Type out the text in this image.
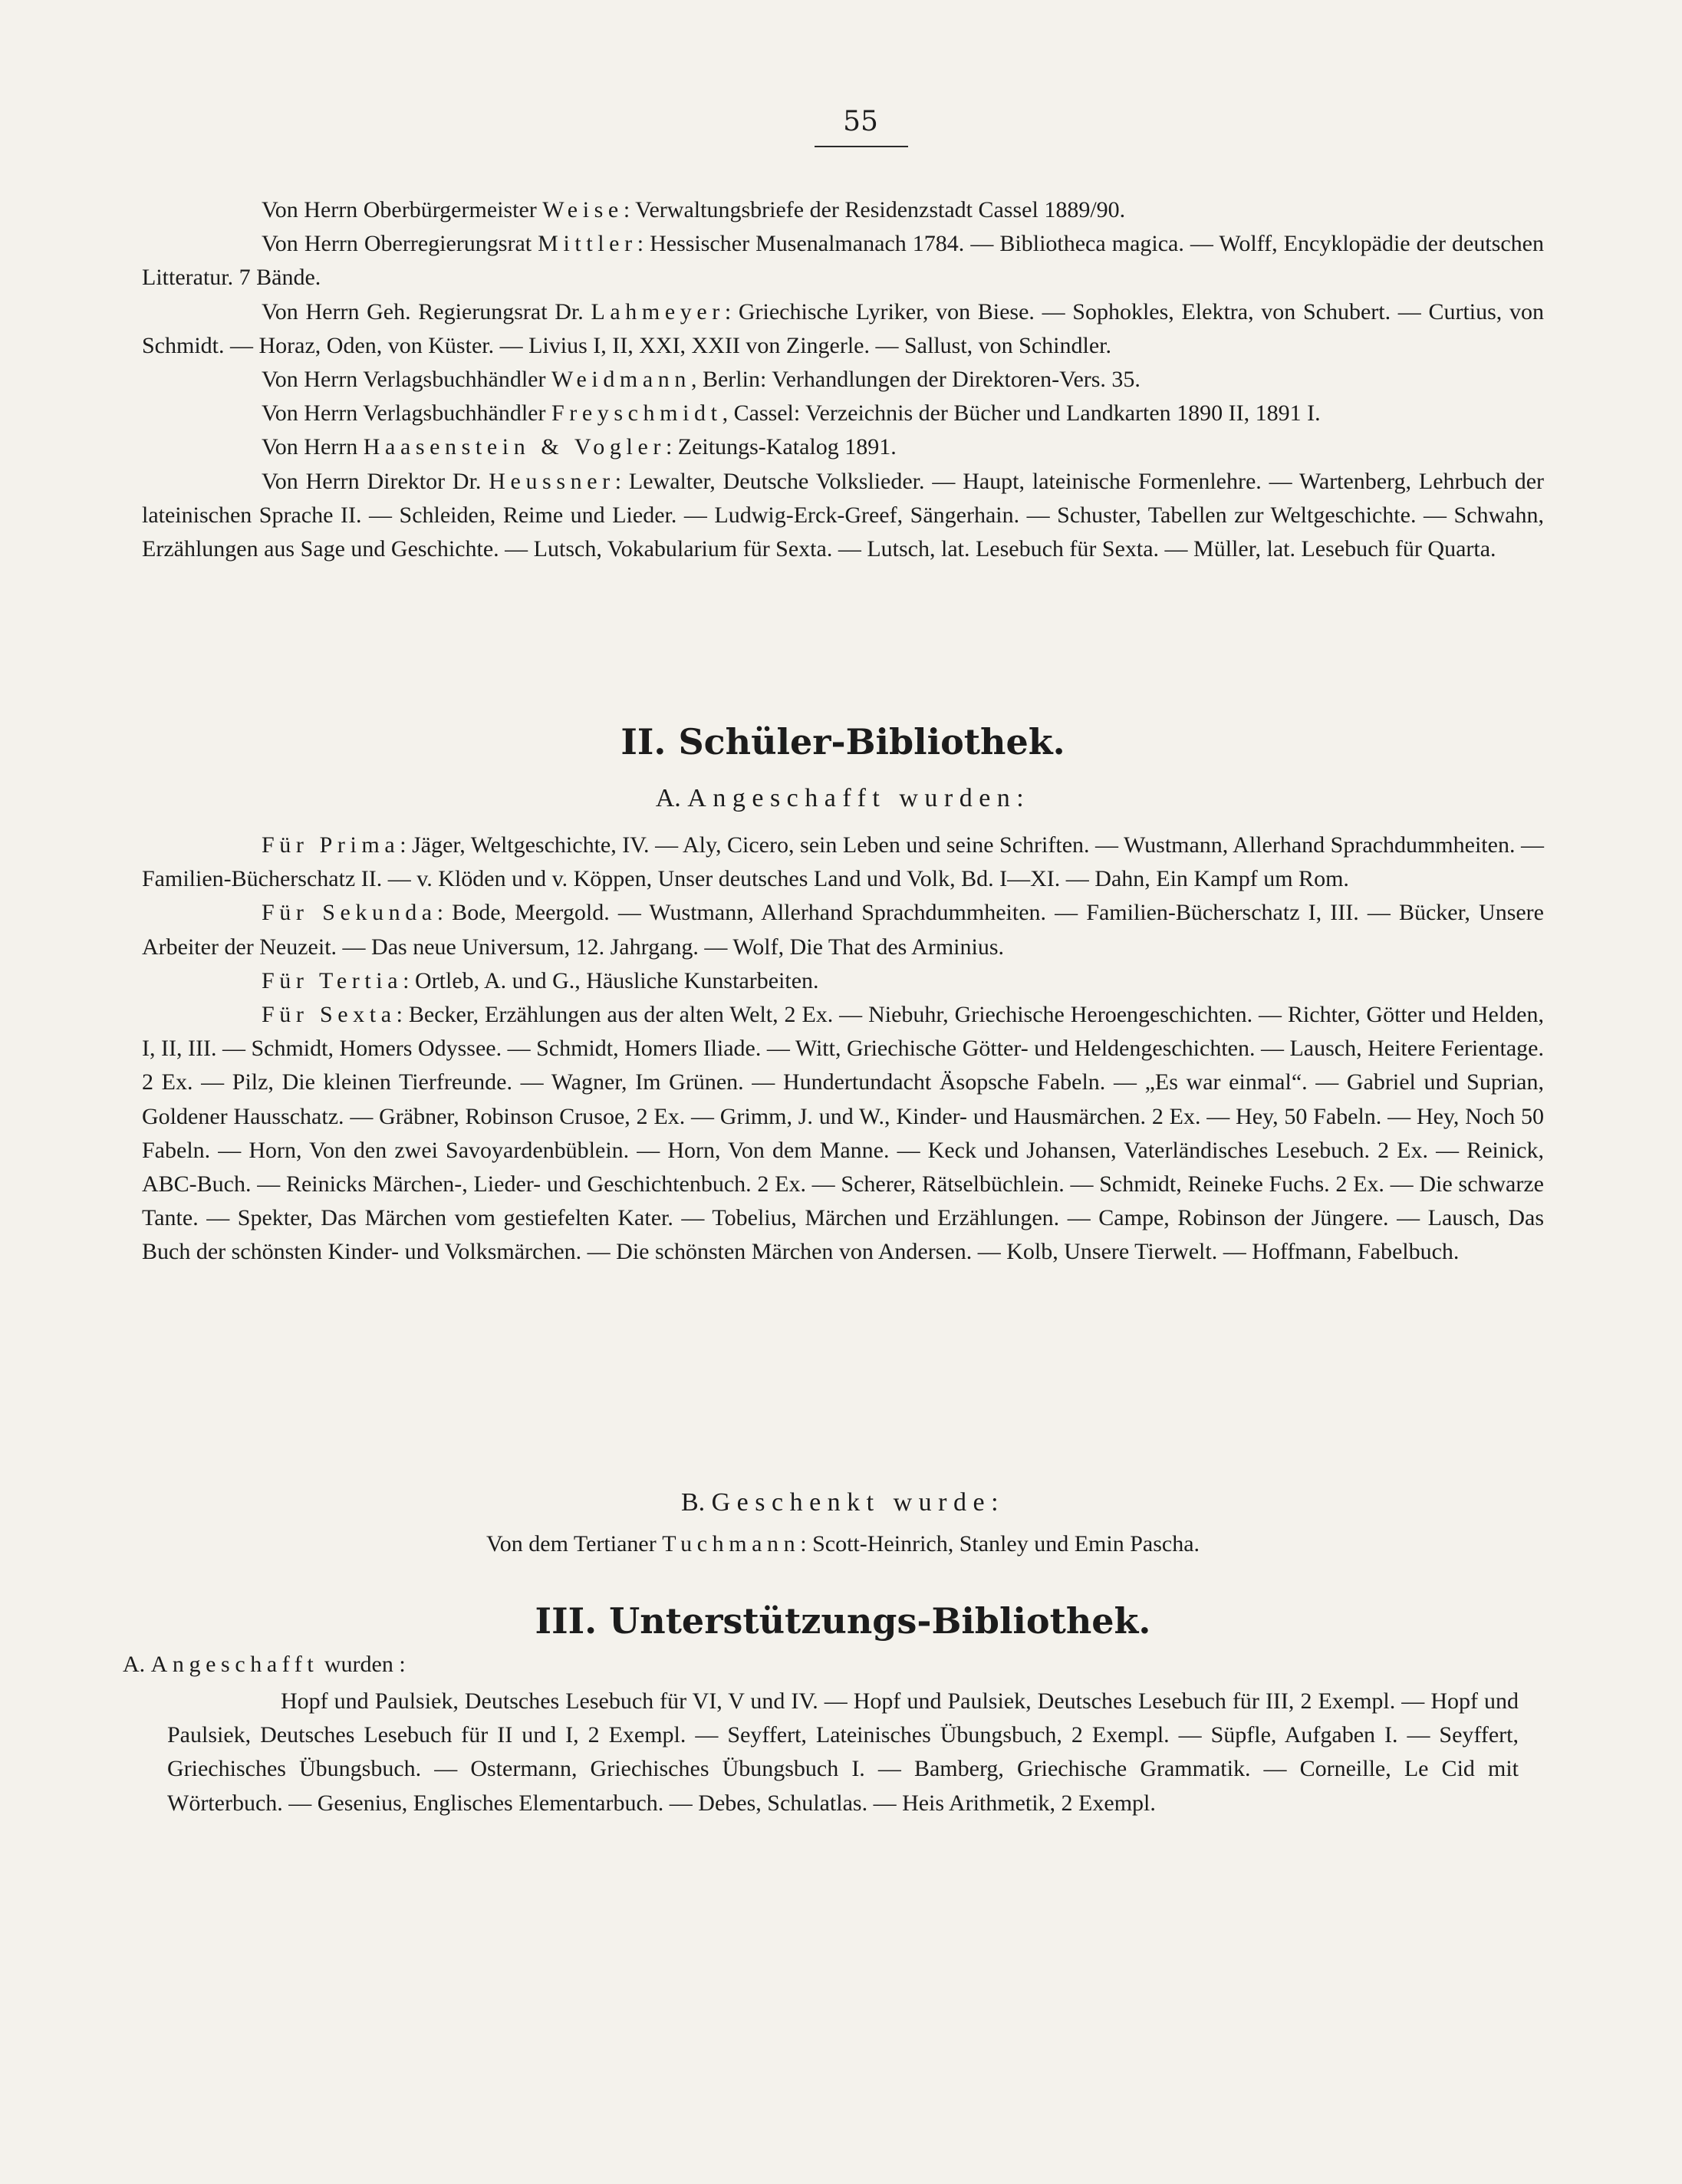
55

Von Herrn Oberbürgermeister Weise: Verwaltungsbriefe der Residenzstadt Cassel 1889/90.

Von Herrn Oberregierungsrat Mittler: Hessischer Musenalmanach 1784. — Bibliotheca magica. — Wolff, Encyklopädie der deutschen Litteratur. 7 Bände.

Von Herrn Geh. Regierungsrat Dr. Lahmeyer: Griechische Lyriker, von Biese. — Sophokles, Elektra, von Schubert. — Curtius, von Schmidt. — Horaz, Oden, von Küster. — Livius I, II, XXI, XXII von Zingerle. — Sallust, von Schindler.

Von Herrn Verlagsbuchhändler Weidmann, Berlin: Verhandlungen der Direktoren-Vers. 35.

Von Herrn Verlagsbuchhändler Freyschmidt, Cassel: Verzeichnis der Bücher und Landkarten 1890 II, 1891 I.

Von Herrn Haasenstein & Vogler: Zeitungs-Katalog 1891.

Von Herrn Direktor Dr. Heussner: Lewalter, Deutsche Volkslieder. — Haupt, lateinische Formenlehre. — Wartenberg, Lehrbuch der lateinischen Sprache II. — Schleiden, Reime und Lieder. — Ludwig-Erck-Greef, Sängerhain. — Schuster, Tabellen zur Weltgeschichte. — Schwahn, Erzählungen aus Sage und Geschichte. — Lutsch, Vokabularium für Sexta. — Lutsch, lat. Lesebuch für Sexta. — Müller, lat. Lesebuch für Quarta.

II. Schüler-Bibliothek.
A. Angeschafft wurden:

Für Prima: Jäger, Weltgeschichte, IV. — Aly, Cicero, sein Leben und seine Schriften. — Wustmann, Allerhand Sprachdummheiten. — Familien-Bücherschatz II. — v. Klöden und v. Köppen, Unser deutsches Land und Volk, Bd. I—XI. — Dahn, Ein Kampf um Rom.

Für Sekunda: Bode, Meergold. — Wustmann, Allerhand Sprachdummheiten. — Familien-Bücherschatz I, III. — Bücker, Unsere Arbeiter der Neuzeit. — Das neue Universum, 12. Jahrgang. — Wolf, Die That des Arminius.

Für Tertia: Ortleb, A. und G., Häusliche Kunstarbeiten.

Für Sexta: Becker, Erzählungen aus der alten Welt, 2 Ex. — Niebuhr, Griechische Heroengeschichten. — Richter, Götter und Helden, I, II, III. — Schmidt, Homers Odyssee. — Schmidt, Homers Iliade. — Witt, Griechische Götter- und Heldengeschichten. — Lausch, Heitere Ferientage. 2 Ex. — Pilz, Die kleinen Tierfreunde. — Wagner, Im Grünen. — Hundertundacht Äsopsche Fabeln. — „Es war einmal“. — Gabriel und Suprian, Goldener Hausschatz. — Gräbner, Robinson Crusoe, 2 Ex. — Grimm, J. und W., Kinder- und Hausmärchen. 2 Ex. — Hey, 50 Fabeln. — Hey, Noch 50 Fabeln. — Horn, Von den zwei Savoyardenbüblein. — Horn, Von dem Manne. — Keck und Johansen, Vaterländisches Lesebuch. 2 Ex. — Reinick, ABC-Buch. — Reinicks Märchen-, Lieder- und Geschichtenbuch. 2 Ex. — Scherer, Rätselbüchlein. — Schmidt, Reineke Fuchs. 2 Ex. — Die schwarze Tante. — Spekter, Das Märchen vom gestiefelten Kater. — Tobelius, Märchen und Erzählungen. — Campe, Robinson der Jüngere. — Lausch, Das Buch der schönsten Kinder- und Volksmärchen. — Die schönsten Märchen von Andersen. — Kolb, Unsere Tierwelt. — Hoffmann, Fabelbuch.

B. Geschenkt wurde:
Von dem Tertianer Tuchmann: Scott-Heinrich, Stanley und Emin Pascha.
III. Unterstützungs-Bibliothek.
A. Angeschafft wurden :

Hopf und Paulsiek, Deutsches Lesebuch für VI, V und IV. — Hopf und Paulsiek, Deutsches Lesebuch für III, 2 Exempl. — Hopf und Paulsiek, Deutsches Lesebuch für II und I, 2 Exempl. — Seyffert, Lateinisches Übungsbuch, 2 Exempl. — Süpfle, Aufgaben I. — Seyffert, Griechisches Übungsbuch. — Ostermann, Griechisches Übungsbuch I. — Bamberg, Griechische Grammatik. — Corneille, Le Cid mit Wörterbuch. — Gesenius, Englisches Elementarbuch. — Debes, Schulatlas. — Heis Arithmetik, 2 Exempl.
